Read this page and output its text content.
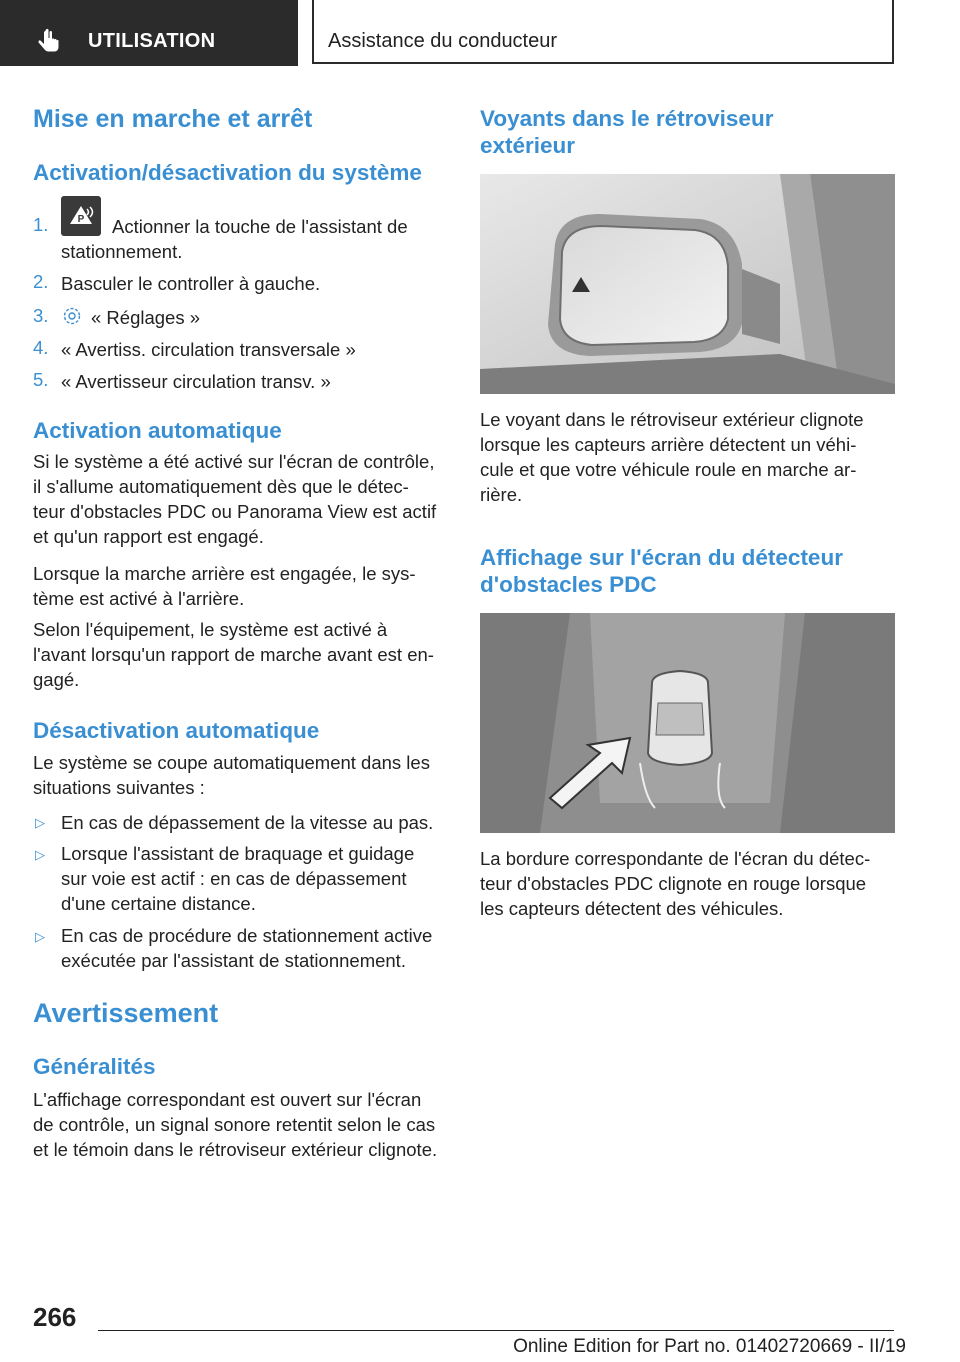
UTILISATION	Assistance du conducteur
Mise en marche et arrêt
Activation/désactivation du système
1.	P Actionner la touche de l'assistant de
stationnement.
2. Basculer le controller à gauche.
3. « Réglages »
4. « Avertiss. circulation transversale »
5. « Avertisseur circulation transv. »
Activation automatique
Si le système a été activé sur l'écran de contrôle,
il s'allume automatiquement dès que le détec-
teur d'obstacles PDC ou Panorama View est actif
et qu'un rapport est engagé.
Lorsque la marche arrière est engagée, le sys-
tème est activé à l'arrière.
Selon l'équipement, le système est activé à
l'avant lorsqu'un rapport de marche avant est en-
gagé.
Désactivation automatique
Le système se coupe automatiquement dans les
situations suivantes :
▷ En cas de dépassement de la vitesse au pas.
▷ Lorsque l'assistant de braquage et guidage
sur voie est actif : en cas de dépassement
d'une certaine distance.
▷ En cas de procédure de stationnement active
exécutée par l'assistant de stationnement.
Avertissement
Généralités
L'affichage correspondant est ouvert sur l'écran
de contrôle, un signal sonore retentit selon le cas
et le témoin dans le rétroviseur extérieur clignote.
Voyants dans le rétroviseur
extérieur
Le voyant dans le rétroviseur extérieur clignote
lorsque les capteurs arrière détectent un véhi-
cule et que votre véhicule roule en marche ar-
rière.
Affichage sur l'écran du détecteur
d'obstacles PDC
La bordure correspondante de l'écran du détec-
teur d'obstacles PDC clignote en rouge lorsque
les capteurs détectent des véhicules.
266
Online Edition for Part no. 01402720669 - II/19
